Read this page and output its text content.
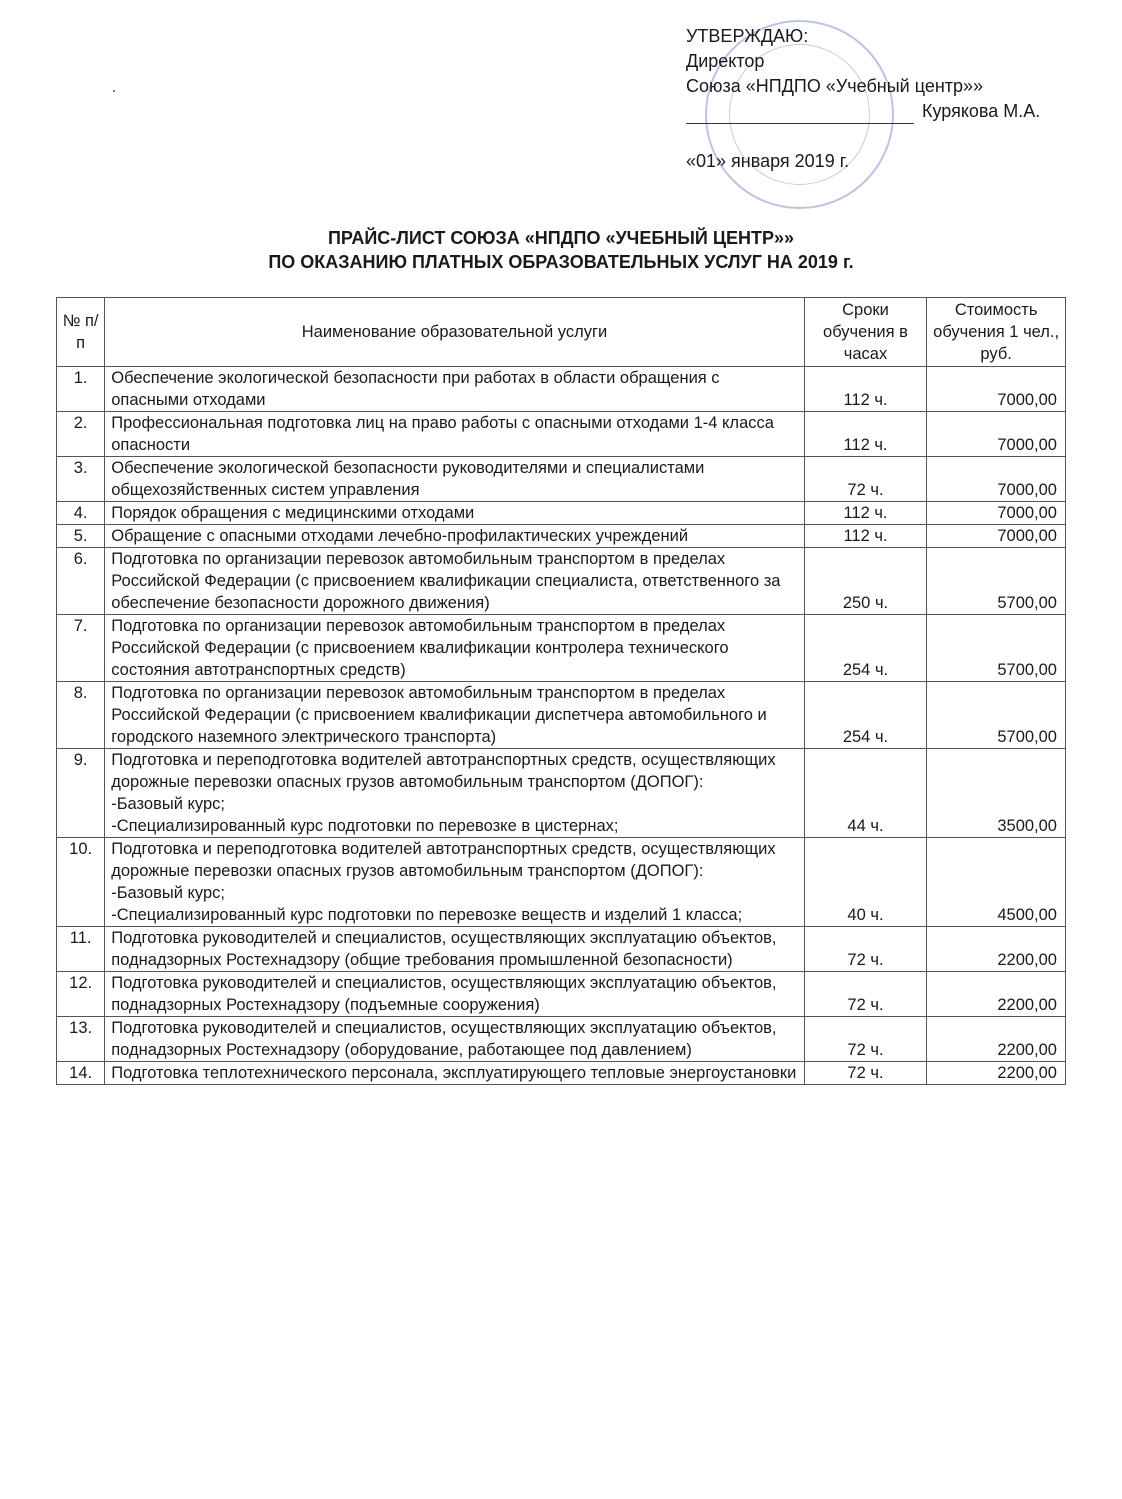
УТВЕРЖДАЮ:
Директор
Союза «НПДПО «Учебный центр»»
Курякова М.А.
«01» января 2019 г.
ПРАЙС-ЛИСТ СОЮЗА «НПДПО «УЧЕБНЫЙ ЦЕНТР»»
ПО ОКАЗАНИЮ ПЛАТНЫХ ОБРАЗОВАТЕЛЬНЫХ УСЛУГ НА 2019 г.
№ п/п	Наименование образовательной услуги	Сроки обучения в часах	Стоимость обучения 1 чел., руб.
1.	Обеспечение экологической безопасности при работах в области обращения с опасными отходами	112 ч.	7000,00
2.	Профессиональная подготовка лиц на право работы с опасными отходами 1-4 класса опасности	112 ч.	7000,00
3.	Обеспечение экологической безопасности руководителями и специалистами общехозяйственных систем управления	72 ч.	7000,00
4.	Порядок обращения с медицинскими отходами	112 ч.	7000,00
5.	Обращение с опасными отходами лечебно-профилактических учреждений	112 ч.	7000,00
6.	Подготовка по организации перевозок автомобильным транспортом в пределах Российской Федерации (с присвоением квалификации специалиста, ответственного за обеспечение безопасности дорожного движения)	250 ч.	5700,00
7.	Подготовка по организации перевозок автомобильным транспортом в пределах Российской Федерации (с присвоением квалификации контролера технического состояния автотранспортных средств)	254 ч.	5700,00
8.	Подготовка по организации перевозок автомобильным транспортом в пределах Российской Федерации (с присвоением квалификации диспетчера автомобильного и городского наземного электрического транспорта)	254 ч.	5700,00
9.	Подготовка и переподготовка водителей автотранспортных средств, осуществляющих дорожные перевозки опасных грузов автомобильным транспортом (ДОПОГ):
-Базовый курс;
-Специализированный курс подготовки по перевозке в цистернах;	44 ч.	3500,00
10.	Подготовка и переподготовка водителей автотранспортных средств, осуществляющих дорожные перевозки опасных грузов автомобильным транспортом (ДОПОГ):
-Базовый курс;
-Специализированный курс подготовки по перевозке веществ и изделий 1 класса;	40 ч.	4500,00
11.	Подготовка руководителей и специалистов, осуществляющих эксплуатацию объектов, поднадзорных Ростехнадзору (общие требования промышленной безопасности)	72 ч.	2200,00
12.	Подготовка руководителей и специалистов, осуществляющих эксплуатацию объектов, поднадзорных Ростехнадзору (подъемные сооружения)	72 ч.	2200,00
13.	Подготовка руководителей и специалистов, осуществляющих эксплуатацию объектов, поднадзорных Ростехнадзору (оборудование, работающее под давлением)	72 ч.	2200,00
14.	Подготовка теплотехнического персонала, эксплуатирующего тепловые энергоустановки	72 ч.	2200,00
